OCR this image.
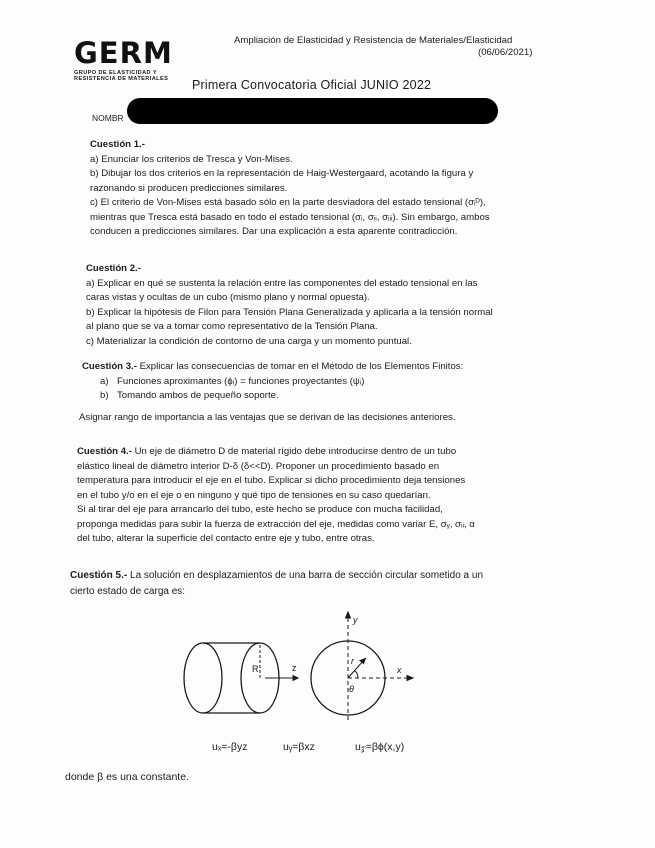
GERM
GRUPO DE ELASTICIDAD Y
RESISTENCIA DE MATERIALES
Ampliación de Elasticidad y Resistencia de Materiales/Elasticidad
(06/06/2021)
Primera Convocatoria Oficial JUNIO 2022
NOMBR
Cuestión 1.-
a) Enunciar los criterios de Tresca y Von-Mises.
b) Dibujar los dos criterios en la representación de Haig-Westergaard, acotando la figura y
razonando si producen predicciones similares.
c) El criterio de Von-Mises está basado sólo en la parte desviadora del estado tensional (σᵢᴰ),
mientras que Tresca está basado en todo el estado tensional (σᵢ, σᵢᵢ, σᵢᵢᵢ). Sin embargo, ambos
conducen a predicciones similares. Dar una explicación a esta aparente contradicción.
Cuestión 2.-
a) Explicar en qué se sustenta la relación entre las componentes del estado tensional en las
caras vistas y ocultas de un cubo (mismo plano y normal opuesta).
b) Explicar la hipótesis de Filon para Tensión Plana Generalizada y aplicarla a la tensión normal
al plano que se va a tomar como representativo de la Tensión Plana.
c) Materializar la condición de contorno de una carga y un momento puntual.
Cuestión 3.- Explicar las consecuencias de tomar en el Método de los Elementos Finitos:
a) Funciones aproximantes (ϕᵢ) = funciones proyectantes (ψᵢ)
b) Tomando ambos de pequeño soporte.
Asignar rango de importancia a las ventajas que se derivan de las decisiones anteriores.
Cuestión 4.- Un eje de diámetro D de material rígido debe introducirse dentro de un tubo
elástico lineal de diámetro interior D-δ (δ<<D). Proponer un procedimiento basado en
temperatura para introducir el eje en el tubo. Explicar si dicho procedimiento deja tensiones
en el tubo y/o en el eje o en ninguno y qué tipo de tensiones en su caso quedarían.
Si al tirar del eje para arrancarlo del tubo, este hecho se produce con mucha facilidad,
proponga medidas para subir la fuerza de extracción del eje, medidas como variar E, σᵧ, σᵢᵢ, α
del tubo, alterar la superficie del contacto entre eje y tubo, entre otras.
Cuestión 5.- La solución en desplazamientos de una barra de sección circular sometido a un
cierto estado de carga es:
R	z
y
x
r
θ
uₓ=-βyz	uᵧ=βxz	u𝓏=βϕ(x,y)
donde β es una constante.
